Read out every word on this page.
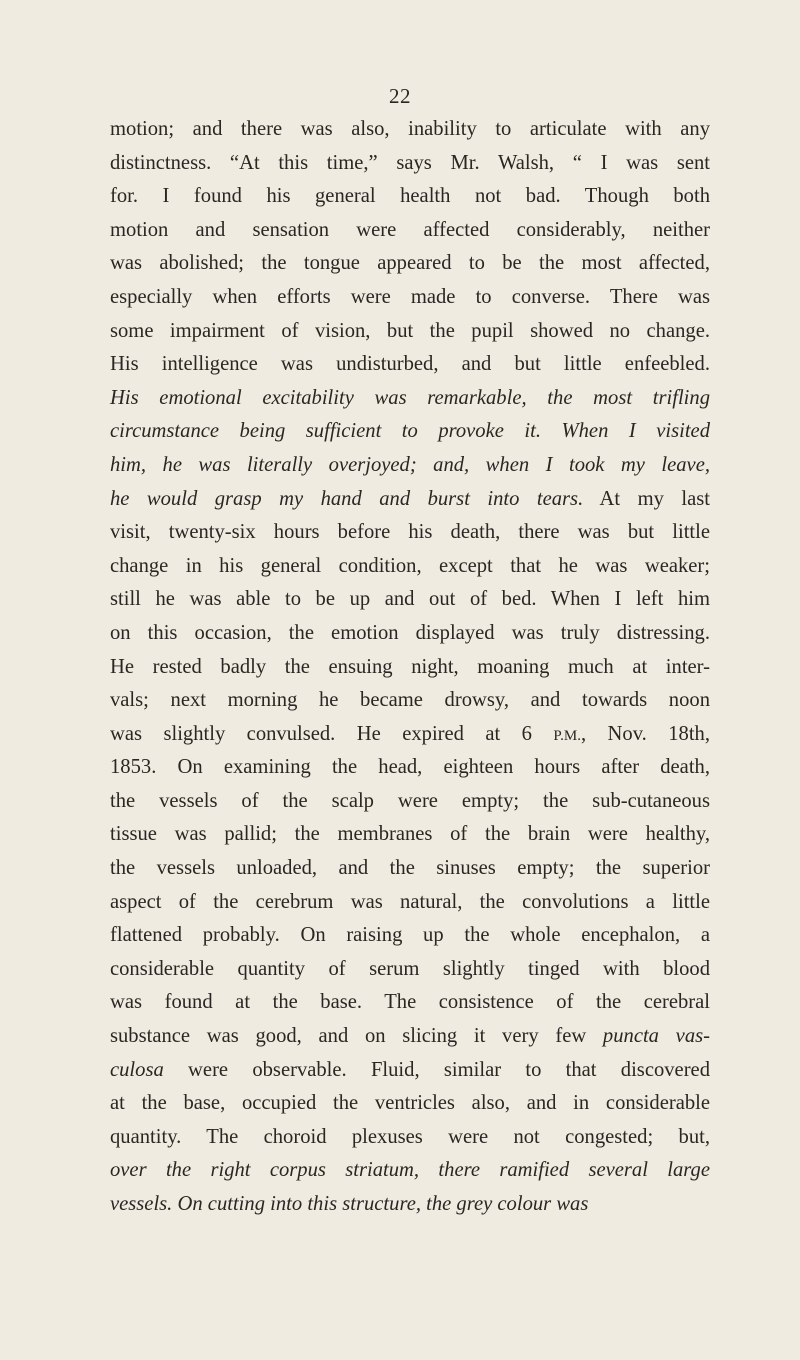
22
motion; and there was also, inability to articulate with any
distinctness. “At this time,” says Mr. Walsh, “ I was sent
for. I found his general health not bad. Though both
motion and sensation were affected considerably, neither
was abolished; the tongue appeared to be the most affected,
especially when efforts were made to converse. There was
some impairment of vision, but the pupil showed no change.
His intelligence was undisturbed, and but little enfeebled.
His emotional excitability was remarkable, the most trifling
circumstance being sufficient to provoke it. When I visited
him, he was literally overjoyed; and, when I took my leave,
he would grasp my hand and burst into tears. At my last
visit, twenty-six hours before his death, there was but little
change in his general condition, except that he was weaker;
still he was able to be up and out of bed. When I left him
on this occasion, the emotion displayed was truly distressing.
He rested badly the ensuing night, moaning much at inter-
vals; next morning he became drowsy, and towards noon
was slightly convulsed. He expired at 6 P.M., Nov. 18th,
1853. On examining the head, eighteen hours after death,
the vessels of the scalp were empty; the sub-cutaneous
tissue was pallid; the membranes of the brain were healthy,
the vessels unloaded, and the sinuses empty; the superior
aspect of the cerebrum was natural, the convolutions a little
flattened probably. On raising up the whole encephalon, a
considerable quantity of serum slightly tinged with blood
was found at the base. The consistence of the cerebral
substance was good, and on slicing it very few puncta vas-
culosa were observable. Fluid, similar to that discovered
at the base, occupied the ventricles also, and in considerable
quantity. The choroid plexuses were not congested; but,
over the right corpus striatum, there ramified several large
vessels. On cutting into this structure, the grey colour was
